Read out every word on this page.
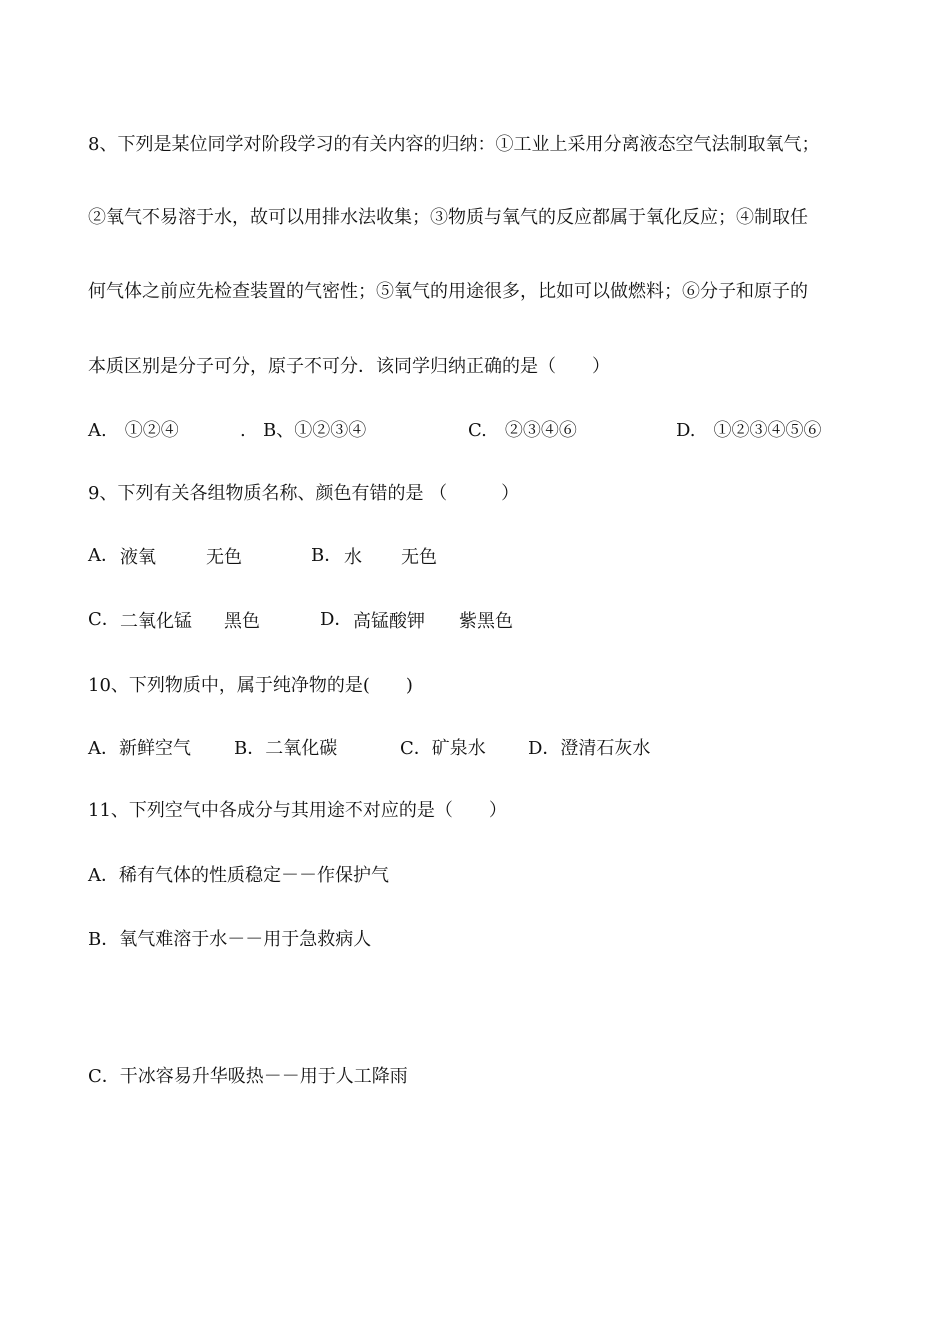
8、下列是某位同学对阶段学习的有关内容的归纳：①工业上采用分离液态空气法制取氧气；
②氧气不易溶于水，故可以用排水法收集；③物质与氧气的反应都属于氧化反应；④制取任
何气体之前应先检查装置的气密性；⑤氧气的用途很多，比如可以做燃料；⑥分子和原子的
本质区别是分子可分，原子不可分．该同学归纳正确的是（　　）
A.　①②④	. B、①②③④	C.　②③④⑥	D.　①②③④⑤⑥
9、下列有关各组物质名称、颜色有错的是 （　　　）
A． 液氧	无色	B． 水 无色
C． 二氧化锰 黑色	D． 高锰酸钾 紫黑色
10、下列物质中，属于纯净物的是(　　)
A．新鲜空气 B．二氧化碳	C．矿泉水 D．澄清石灰水
11、下列空气中各成分与其用途不对应的是（　　）
A．稀有气体的性质稳定－－作保护气
B．氧气难溶于水－－用于急救病人
C．干冰容易升华吸热－－用于人工降雨
